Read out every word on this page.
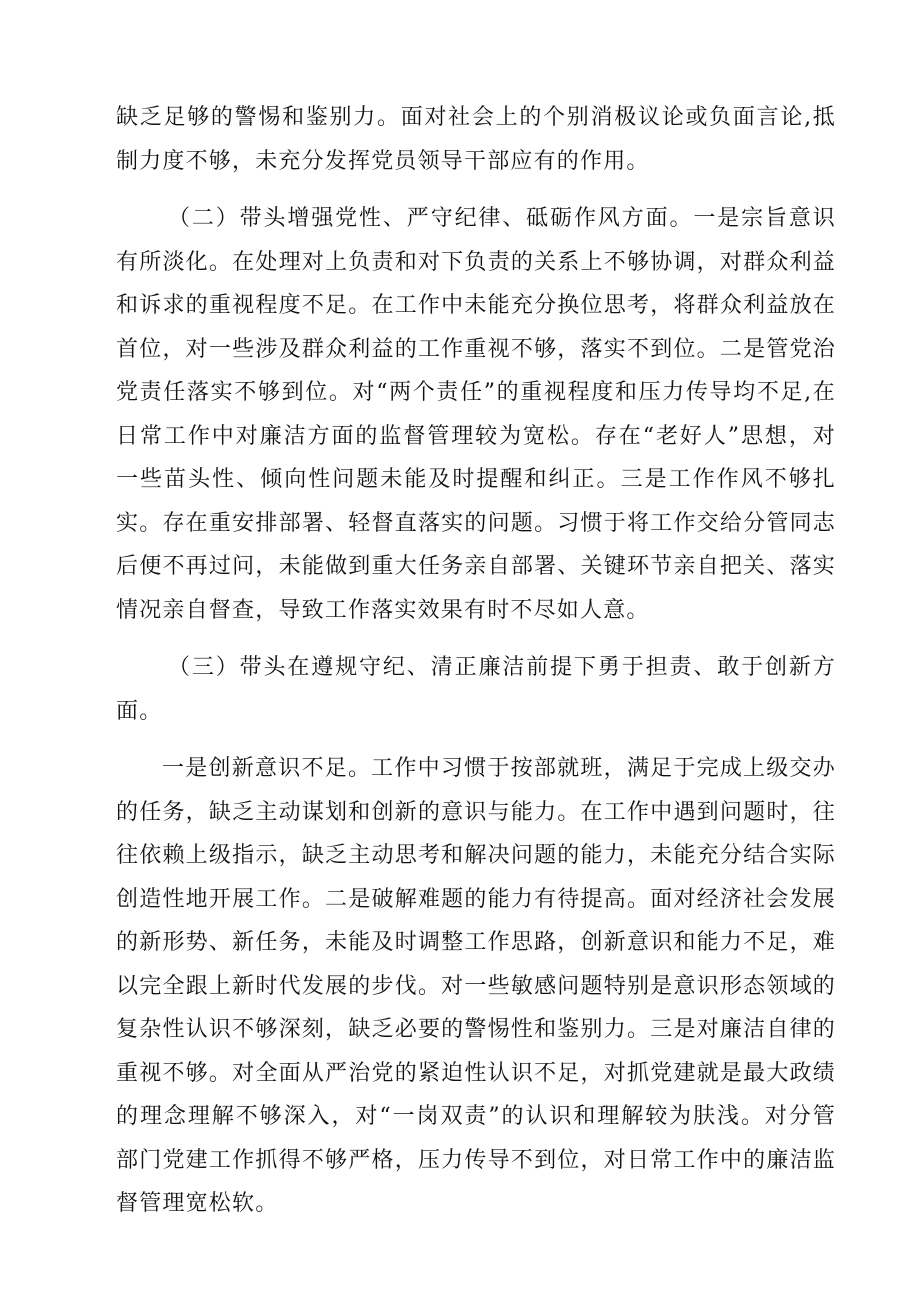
缺乏足够的警惕和鉴别力。面对社会上的个别消极议论或负面言论,抵制力度不够，未充分发挥党员领导干部应有的作用。

（二）带头增强党性、严守纪律、砥砺作风方面。一是宗旨意识有所淡化。在处理对上负责和对下负责的关系上不够协调，对群众利益和诉求的重视程度不足。在工作中未能充分换位思考，将群众利益放在首位，对一些涉及群众利益的工作重视不够，落实不到位。二是管党治党责任落实不够到位。对“两个责任”的重视程度和压力传导均不足,在日常工作中对廉洁方面的监督管理较为宽松。存在“老好人”思想，对一些苗头性、倾向性问题未能及时提醒和纠正。三是工作作风不够扎实。存在重安排部署、轻督直落实的问题。习惯于将工作交给分管同志后便不再过问，未能做到重大任务亲自部署、关键环节亲自把关、落实情况亲自督查，导致工作落实效果有时不尽如人意。

（三）带头在遵规守纪、清正廉洁前提下勇于担责、敢于创新方面。

一是创新意识不足。工作中习惯于按部就班，满足于完成上级交办的任务，缺乏主动谋划和创新的意识与能力。在工作中遇到问题时，往往依赖上级指示，缺乏主动思考和解决问题的能力，未能充分结合实际创造性地开展工作。二是破解难题的能力有待提高。面对经济社会发展的新形势、新任务，未能及时调整工作思路，创新意识和能力不足，难以完全跟上新时代发展的步伐。对一些敏感问题特别是意识形态领域的复杂性认识不够深刻，缺乏必要的警惕性和鉴别力。三是对廉洁自律的重视不够。对全面从严治党的紧迫性认识不足，对抓党建就是最大政绩的理念理解不够深入，对“一岗双责”的认识和理解较为肤浅。对分管部门党建工作抓得不够严格，压力传导不到位，对日常工作中的廉洁监督管理宽松软。
